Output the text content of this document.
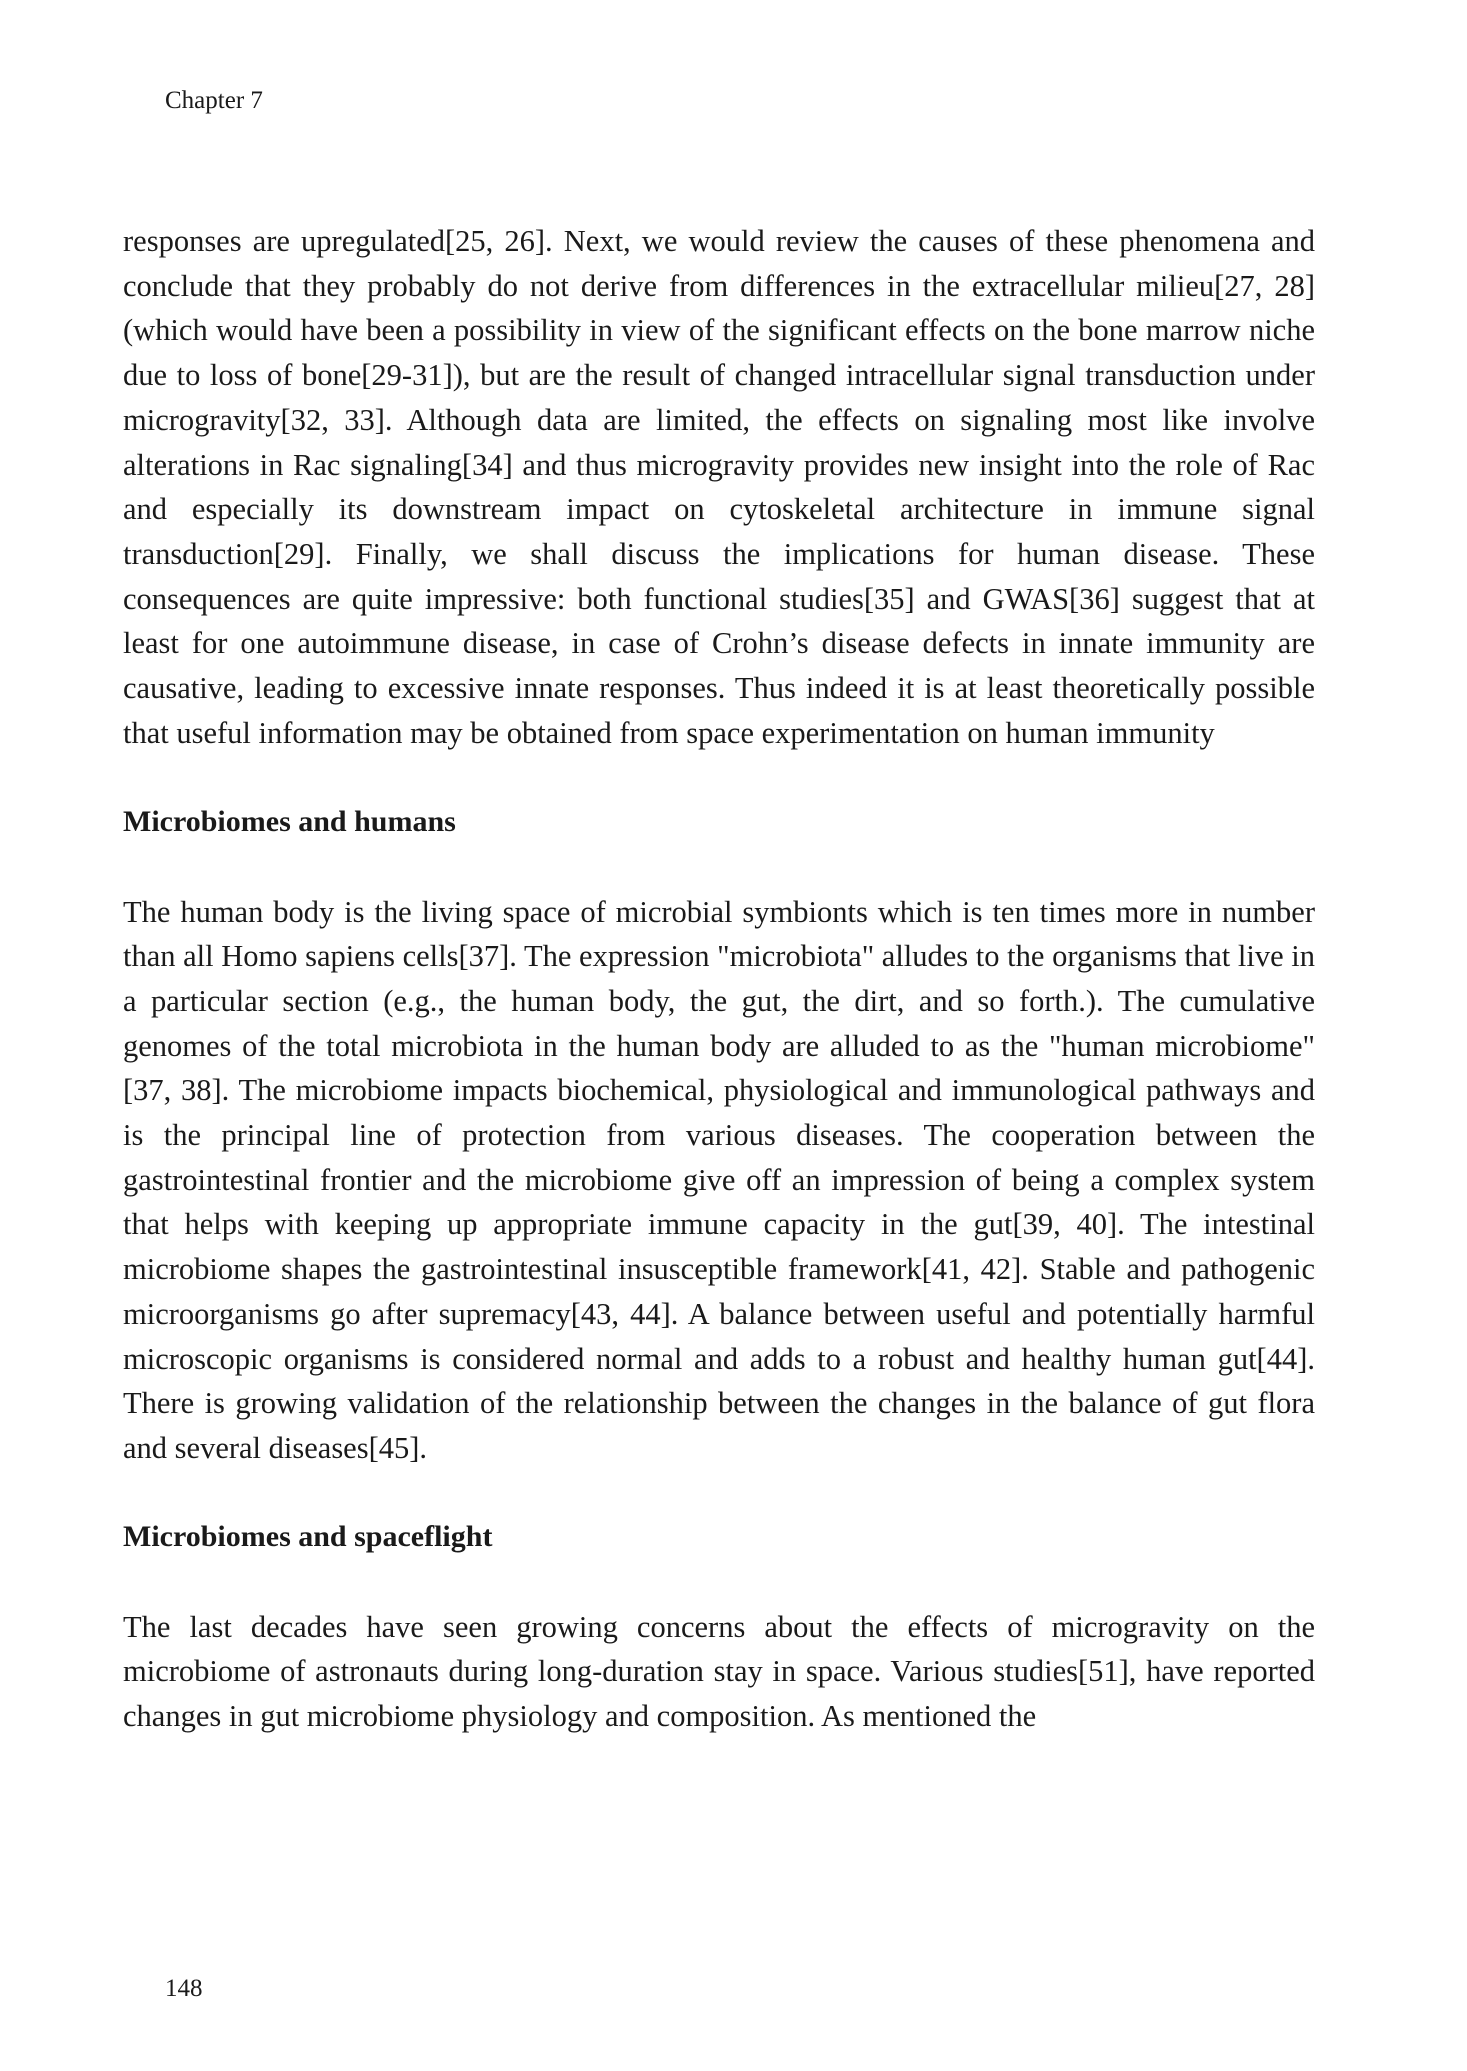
Chapter 7

responses are upregulated[25, 26]. Next, we would review the causes of these phenomena and conclude that they probably do not derive from differences in the extracellular milieu[27, 28] (which would have been a possibility in view of the significant effects on the bone marrow niche due to loss of bone[29-31]), but are the result of changed intracellular signal transduction under microgravity[32, 33]. Although data are limited, the effects on signaling most like involve alterations in Rac signaling[34] and thus microgravity provides new insight into the role of Rac and especially its downstream impact on cytoskeletal architecture in immune signal transduction[29]. Finally, we shall discuss the implications for human disease. These consequences are quite impressive: both functional studies[35] and GWAS[36] suggest that at least for one autoimmune disease, in case of Crohn’s disease defects in innate immunity are causative, leading to excessive innate responses. Thus indeed it is at least theoretically possible that useful information may be obtained from space experimentation on human immunity

Microbiomes and humans

The human body is the living space of microbial symbionts which is ten times more in number than all Homo sapiens cells[37]. The expression "microbiota" alludes to the organisms that live in a particular section (e.g., the human body, the gut, the dirt, and so forth.). The cumulative genomes of the total microbiota in the human body are alluded to as the "human microbiome"[37, 38]. The microbiome impacts biochemical, physiological and immunological pathways and is the principal line of protection from various diseases. The cooperation between the gastrointestinal frontier and the microbiome give off an impression of being a complex system that helps with keeping up appropriate immune capacity in the gut[39, 40]. The intestinal microbiome shapes the gastrointestinal insusceptible framework[41, 42]. Stable and pathogenic microorganisms go after supremacy[43, 44]. A balance between useful and potentially harmful microscopic organisms is considered normal and adds to a robust and healthy human gut[44]. There is growing validation of the relationship between the changes in the balance of gut flora and several diseases[45].

Microbiomes and spaceflight

The last decades have seen growing concerns about the effects of microgravity on the microbiome of astronauts during long-duration stay in space. Various studies[51], have reported changes in gut microbiome physiology and composition. As mentioned the

148
